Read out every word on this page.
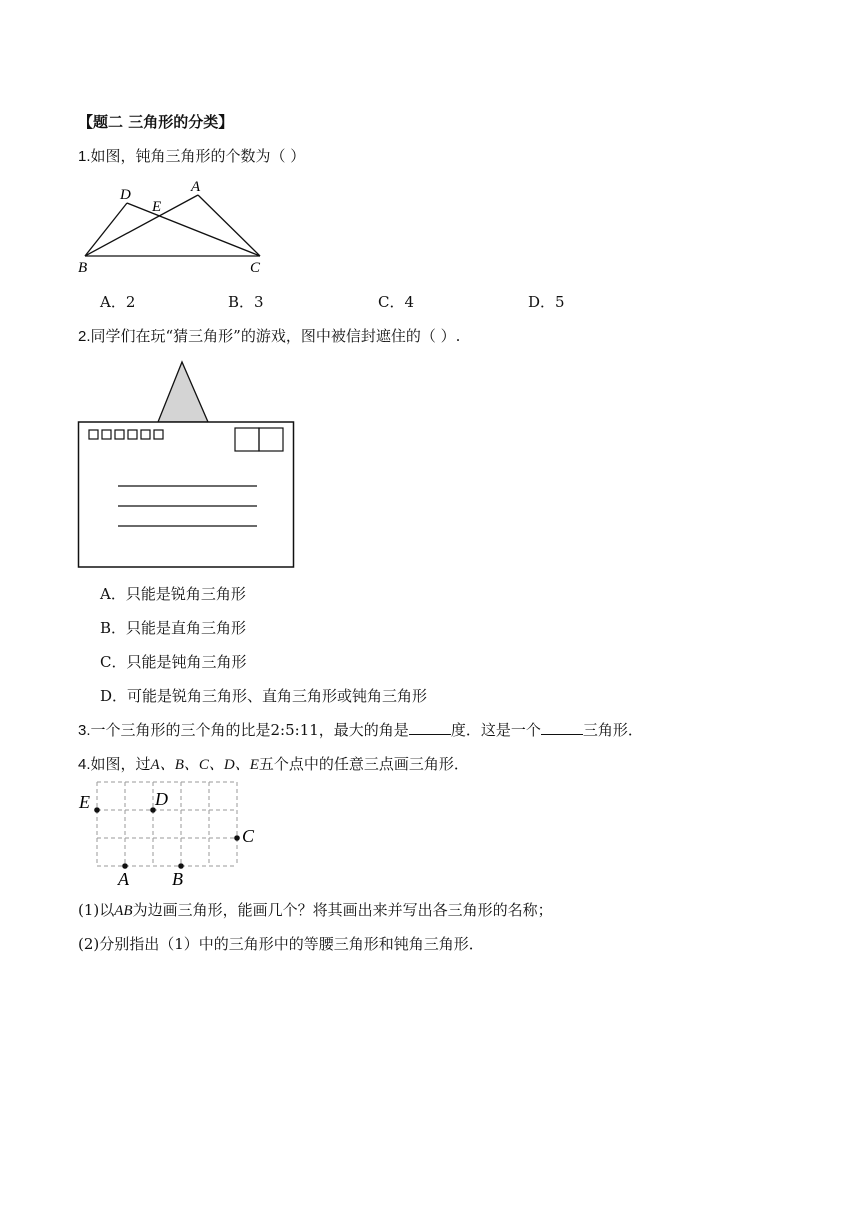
【题二 三角形的分类】
1.如图，钝角三角形的个数为（ ）
D
E
A
B	C
A．2	B．3	C．4	D．5
2.同学们在玩“猜三角形”的游戏，图中被信封遮住的（ ）.
A．只能是锐角三角形
B．只能是直角三角形
C．只能是钝角三角形
D．可能是锐角三角形、直角三角形或钝角三角形
3.一个三角形的三个角的比是2:5:11，最大的角是	度．这是一个	三角形．
4.如图，过A、B、C、D、E五个点中的任意三点画三角形．
E	D
C
A B
(1)以AB为边画三角形，能画几个？将其画出来并写出各三角形的名称；
(2)分别指出（1）中的三角形中的等腰三角形和钝角三角形．
